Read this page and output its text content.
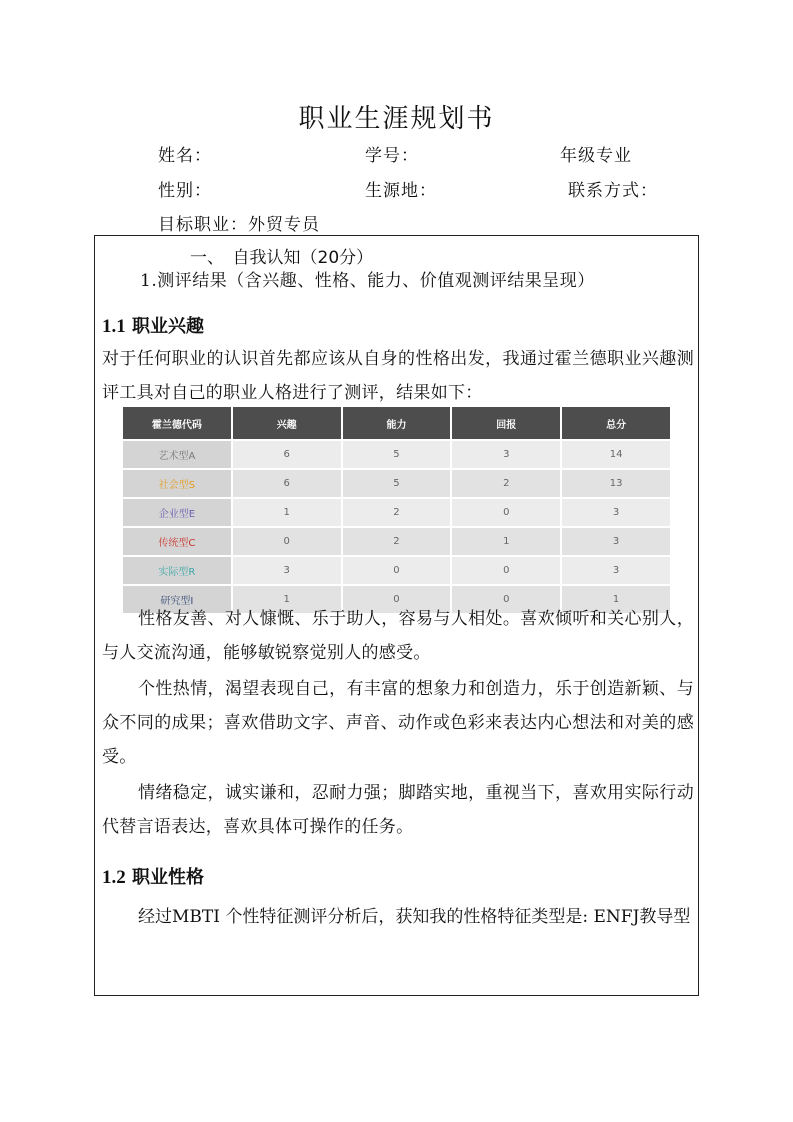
职业生涯规划书
姓名：	学号：	年级专业
性别：	生源地：	联系方式：
目标职业：外贸专员
一、　自我认知（20分）
1.测评结果（含兴趣、性格、能力、价值观测评结果呈现）
1.1 职业兴趣

对于任何职业的认识首先都应该从自身的性格出发，我通过霍兰德职业兴趣测评工具对自己的职业人格进行了测评，结果如下：

霍兰德代码	兴趣	能力	回报	总分
艺术型A	6	5	3	14
社会型S	6	5	2	13
企业型E	1	2	0	3
传统型C	0	2	1	3
实际型R	3	0	0	3
研究型I	1	0	0	1

性格友善、对人慷慨、乐于助人，容易与人相处。喜欢倾听和关心别人，与人交流沟通，能够敏锐察觉别人的感受。

个性热情，渴望表现自己，有丰富的想象力和创造力，乐于创造新颖、与众不同的成果；喜欢借助文字、声音、动作或色彩来表达内心想法和对美的感受。

情绪稳定，诚实谦和，忍耐力强；脚踏实地，重视当下，喜欢用实际行动代替言语表达，喜欢具体可操作的任务。

1.2 职业性格

经过MBTI 个性特征测评分析后，获知我的性格特征类型是: ENFJ教导型
